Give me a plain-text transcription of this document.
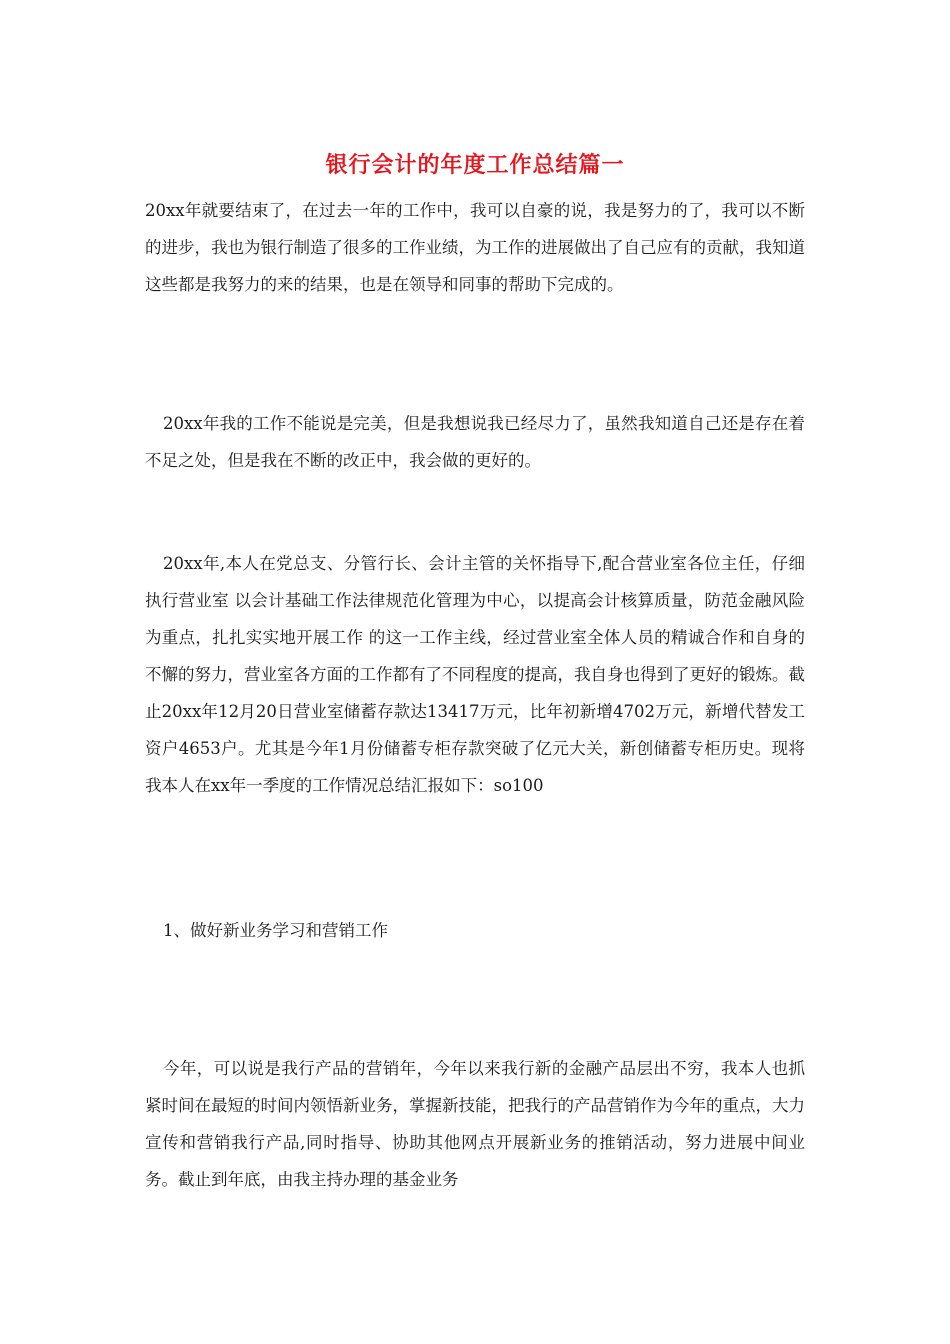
银行会计的年度工作总结篇一

20xx年就要结束了，在过去一年的工作中，我可以自豪的说，我是努力的了，我可以不断的进步，我也为银行制造了很多的工作业绩，为工作的进展做出了自己应有的贡献，我知道这些都是我努力的来的结果，也是在领导和同事的帮助下完成的。

20xx年我的工作不能说是完美，但是我想说我已经尽力了，虽然我知道自己还是存在着不足之处，但是我在不断的改正中，我会做的更好的。

20xx年,本人在党总支、分管行长、会计主管的关怀指导下,配合营业室各位主任，仔细执行营业室 以会计基础工作法律规范化管理为中心，以提高会计核算质量，防范金融风险为重点，扎扎实实地开展工作 的这一工作主线，经过营业室全体人员的精诚合作和自身的不懈的努力，营业室各方面的工作都有了不同程度的提高，我自身也得到了更好的锻炼。截止20xx年12月20日营业室储蓄存款达13417万元，比年初新增4702万元，新增代替发工资户4653户。尤其是今年1月份储蓄专柜存款突破了亿元大关，新创储蓄专柜历史。现将我本人在xx年一季度的工作情况总结汇报如下：so100

1、做好新业务学习和营销工作

今年，可以说是我行产品的营销年，今年以来我行新的金融产品层出不穷，我本人也抓紧时间在最短的时间内领悟新业务，掌握新技能，把我行的产品营销作为今年的重点，大力宣传和营销我行产品,同时指导、协助其他网点开展新业务的推销活动，努力进展中间业务。截止到年底，由我主持办理的基金业务
